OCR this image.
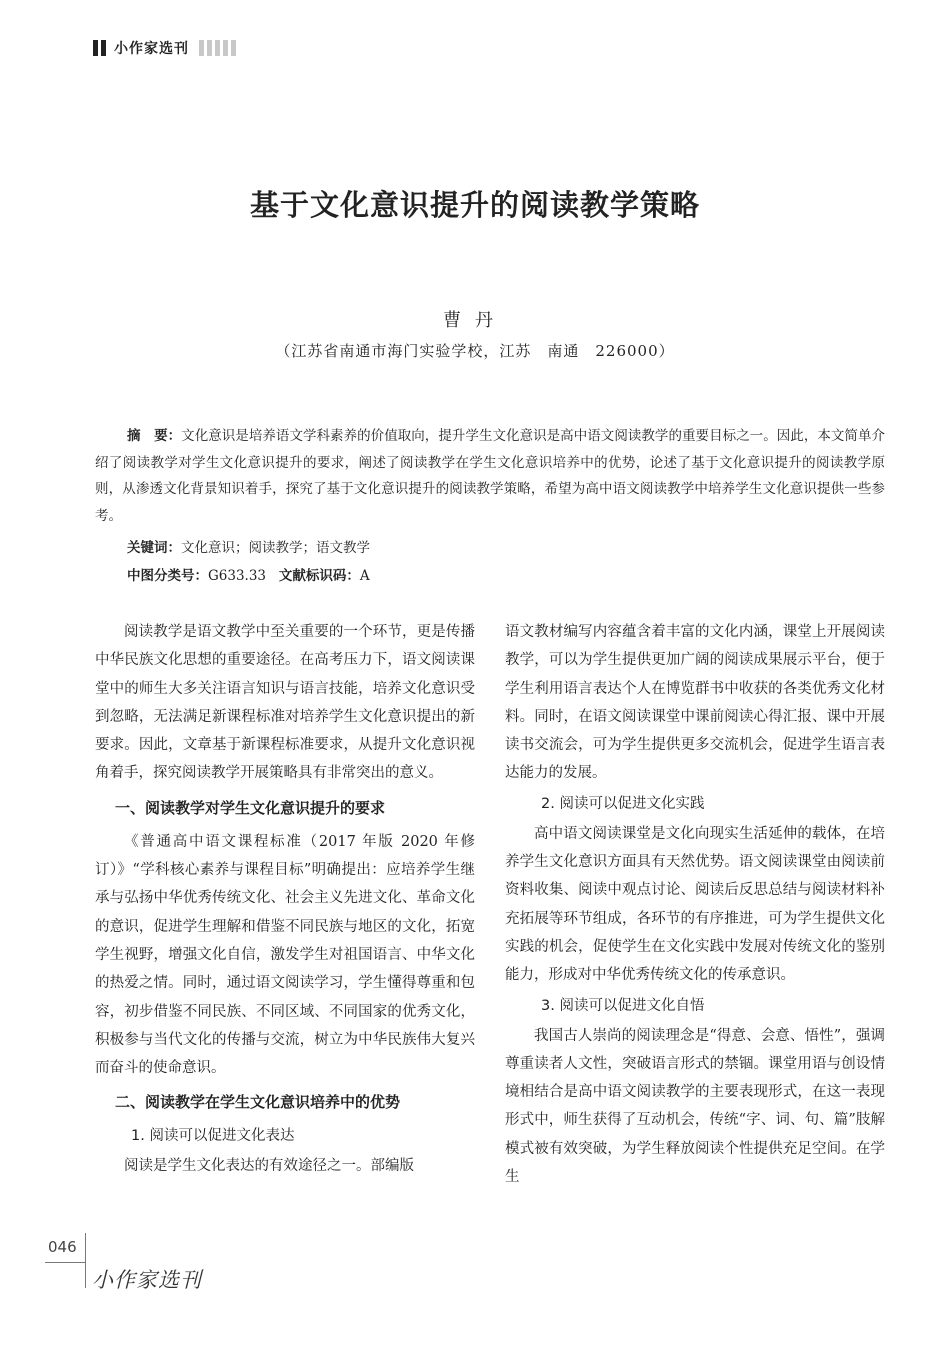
小作家选刊
基于文化意识提升的阅读教学策略
曹丹
（江苏省南通市海门实验学校，江苏　南通　226000）

摘　要：文化意识是培养语文学科素养的价值取向，提升学生文化意识是高中语文阅读教学的重要目标之一。因此，本文简单介绍了阅读教学对学生文化意识提升的要求，阐述了阅读教学在学生文化意识培养中的优势，论述了基于文化意识提升的阅读教学原则，从渗透文化背景知识着手，探究了基于文化意识提升的阅读教学策略，希望为高中语文阅读教学中培养学生文化意识提供一些参考。

关键词：文化意识；阅读教学；语文教学
中图分类号：G633.33 文献标识码：A

阅读教学是语文教学中至关重要的一个环节，更是传播中华民族文化思想的重要途径。在高考压力下，语文阅读课堂中的师生大多关注语言知识与语言技能，培养文化意识受到忽略，无法满足新课程标准对培养学生文化意识提出的新要求。因此，文章基于新课程标准要求，从提升文化意识视角着手，探究阅读教学开展策略具有非常突出的意义。

一、阅读教学对学生文化意识提升的要求

《普通高中语文课程标准（2017 年版 2020 年修订）》“学科核心素养与课程目标”明确提出：应培养学生继承与弘扬中华优秀传统文化、社会主义先进文化、革命文化的意识，促进学生理解和借鉴不同民族与地区的文化，拓宽学生视野，增强文化自信，激发学生对祖国语言、中华文化的热爱之情。同时，通过语文阅读学习，学生懂得尊重和包容，初步借鉴不同民族、不同区域、不同国家的优秀文化，积极参与当代文化的传播与交流，树立为中华民族伟大复兴而奋斗的使命意识。

二、阅读教学在学生文化意识培养中的优势
1. 阅读可以促进文化表达

阅读是学生文化表达的有效途径之一。部编版

语文教材编写内容蕴含着丰富的文化内涵，课堂上开展阅读教学，可以为学生提供更加广阔的阅读成果展示平台，便于学生利用语言表达个人在博览群书中收获的各类优秀文化材料。同时，在语文阅读课堂中课前阅读心得汇报、课中开展读书交流会，可为学生提供更多交流机会，促进学生语言表达能力的发展。

2. 阅读可以促进文化实践

高中语文阅读课堂是文化向现实生活延伸的载体，在培养学生文化意识方面具有天然优势。语文阅读课堂由阅读前资料收集、阅读中观点讨论、阅读后反思总结与阅读材料补充拓展等环节组成，各环节的有序推进，可为学生提供文化实践的机会，促使学生在文化实践中发展对传统文化的鉴别能力，形成对中华优秀传统文化的传承意识。

3. 阅读可以促进文化自悟

我国古人崇尚的阅读理念是“得意、会意、悟性”，强调尊重读者人文性，突破语言形式的禁锢。课堂用语与创设情境相结合是高中语文阅读教学的主要表现形式，在这一表现形式中，师生获得了互动机会，传统“字、词、句、篇”肢解模式被有效突破，为学生释放阅读个性提供充足空间。在学生

046
小作家选刊
